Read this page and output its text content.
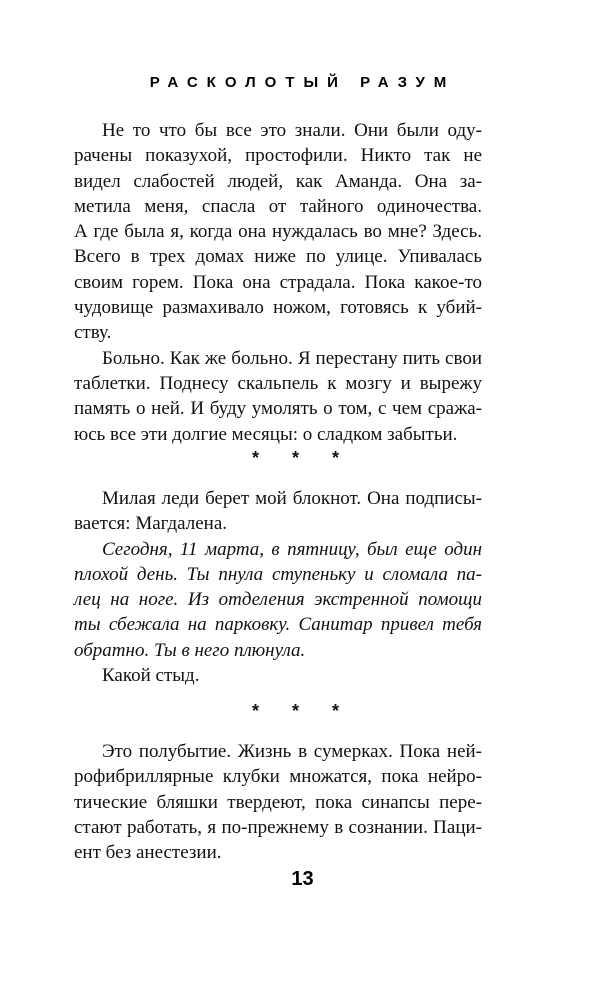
РАСКОЛОТЫЙ РАЗУМ
Не то что бы все это знали. Они были оду-
рачены показухой, простофили. Никто так не
видел слабостей людей, как Аманда. Она за-
метила меня, спасла от тайного одиночества.
А где была я, когда она нуждалась во мне? Здесь.
Всего в трех домах ниже по улице. Упивалась
своим горем. Пока она страдала. Пока какое-то
чудовище размахивало ножом, готовясь к убий-
ству.
Больно. Как же больно. Я перестану пить свои
таблетки. Поднесу скальпель к мозгу и вырежу
память о ней. И буду умолять о том, с чем сража-
юсь все эти долгие месяцы: о сладком забытьи.
* * *
Милая леди берет мой блокнот. Она подписы-
вается: Магдалена.
Сегодня, 11 марта, в пятницу, был еще один
плохой день. Ты пнула ступеньку и сломала па-
лец на ноге. Из отделения экстренной помощи
ты сбежала на парковку. Санитар привел тебя
обратно. Ты в него плюнула.
Какой стыд.
* * *
Это полубытие. Жизнь в сумерках. Пока ней-
рофибриллярные клубки множатся, пока нейро-
тические бляшки твердеют, пока синапсы пере-
стают работать, я по-прежнему в сознании. Паци-
ент без анестезии.
13
